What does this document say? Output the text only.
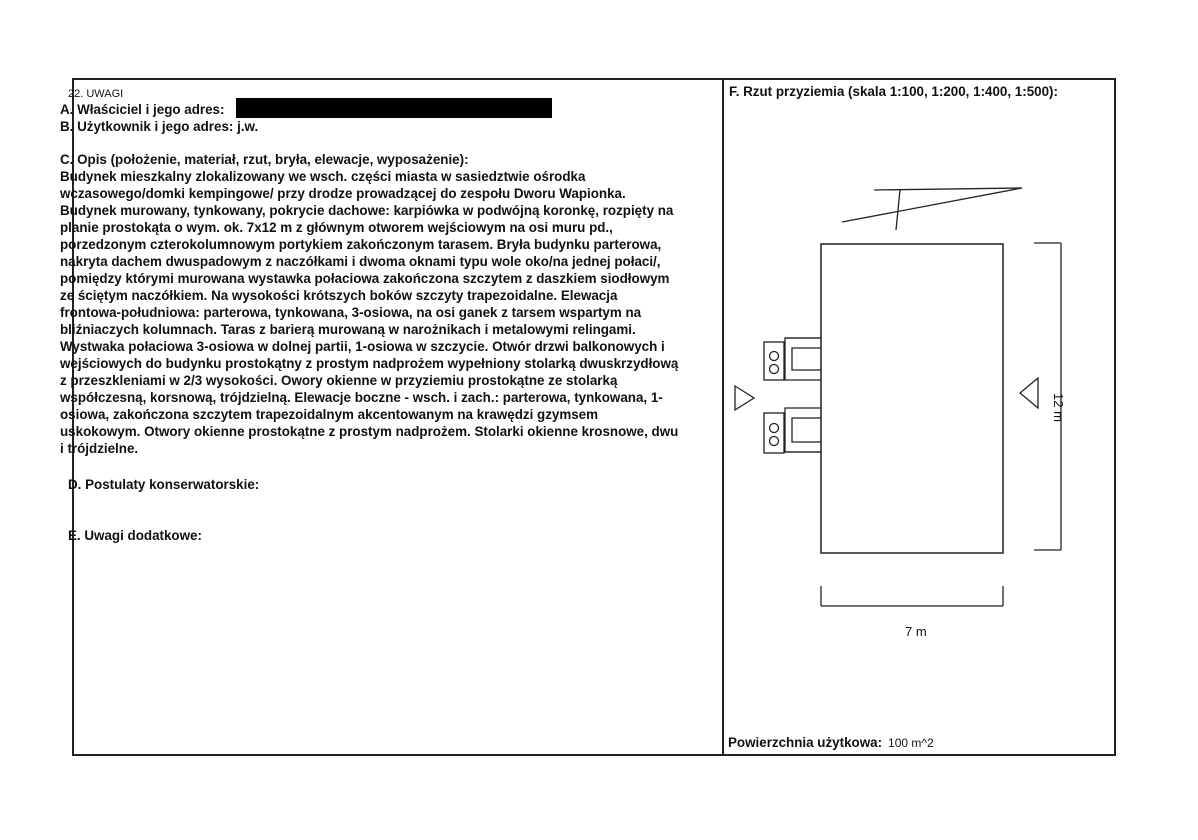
22. UWAGI
A. Właściciel i jego adres:
B. Użytkownik i jego adres: j.w.
C. Opis (położenie, materiał, rzut, bryła, elewacje, wyposażenie):
Budynek mieszkalny zlokalizowany we wsch. części miasta w sasiedztwie ośrodka
wczasowego/domki kempingowe/ przy drodze prowadzącej do zespołu Dworu Wapionka.
Budynek murowany, tynkowany, pokrycie dachowe: karpiówka w podwójną koronkę, rozpięty na
planie prostokąta o wym. ok. 7x12 m z głównym otworem wejściowym na osi muru pd.,
porzedzonym czterokolumnowym portykiem zakończonym tarasem. Bryła budynku parterowa,
nakryta dachem dwuspadowym z naczółkami i dwoma oknami typu wole oko/na jednej połaci/,
pomiędzy którymi murowana wystawka połaciowa zakończona szczytem z daszkiem siodłowym
ze ściętym naczółkiem. Na wysokości krótszych boków szczyty trapezoidalne. Elewacja
frontowa-południowa: parterowa, tynkowana, 3-osiowa, na osi ganek z tarsem wspartym na
bliźniaczych kolumnach. Taras z barierą murowaną w narożnikach i metalowymi relingami.
Wystwaka połaciowa 3-osiowa w dolnej partii, 1-osiowa w szczycie. Otwór drzwi balkonowych i
wejściowych do budynku prostokątny z prostym nadprożem wypełniony stolarką dwuskrzydłową
z przeszkleniami w 2/3 wysokości. Owory okienne w przyziemiu prostokątne ze stolarką
współczesną, korsnową, trójdzielną. Elewacje boczne - wsch. i zach.: parterowa, tynkowana, 1-
osiowa, zakończona szczytem trapezoidalnym akcentowanym na krawędzi gzymsem
uskokowym. Otwory okienne prostokątne z prostym nadprożem. Stolarki okienne krosnowe, dwu
i trójdzielne.
D. Postulaty konserwatorskie:
E. Uwagi dodatkowe:
F. Rzut przyziemia (skala 1:100, 1:200, 1:400, 1:500):
7 m
12 m
Powierzchnia użytkowa: 100 m^2
